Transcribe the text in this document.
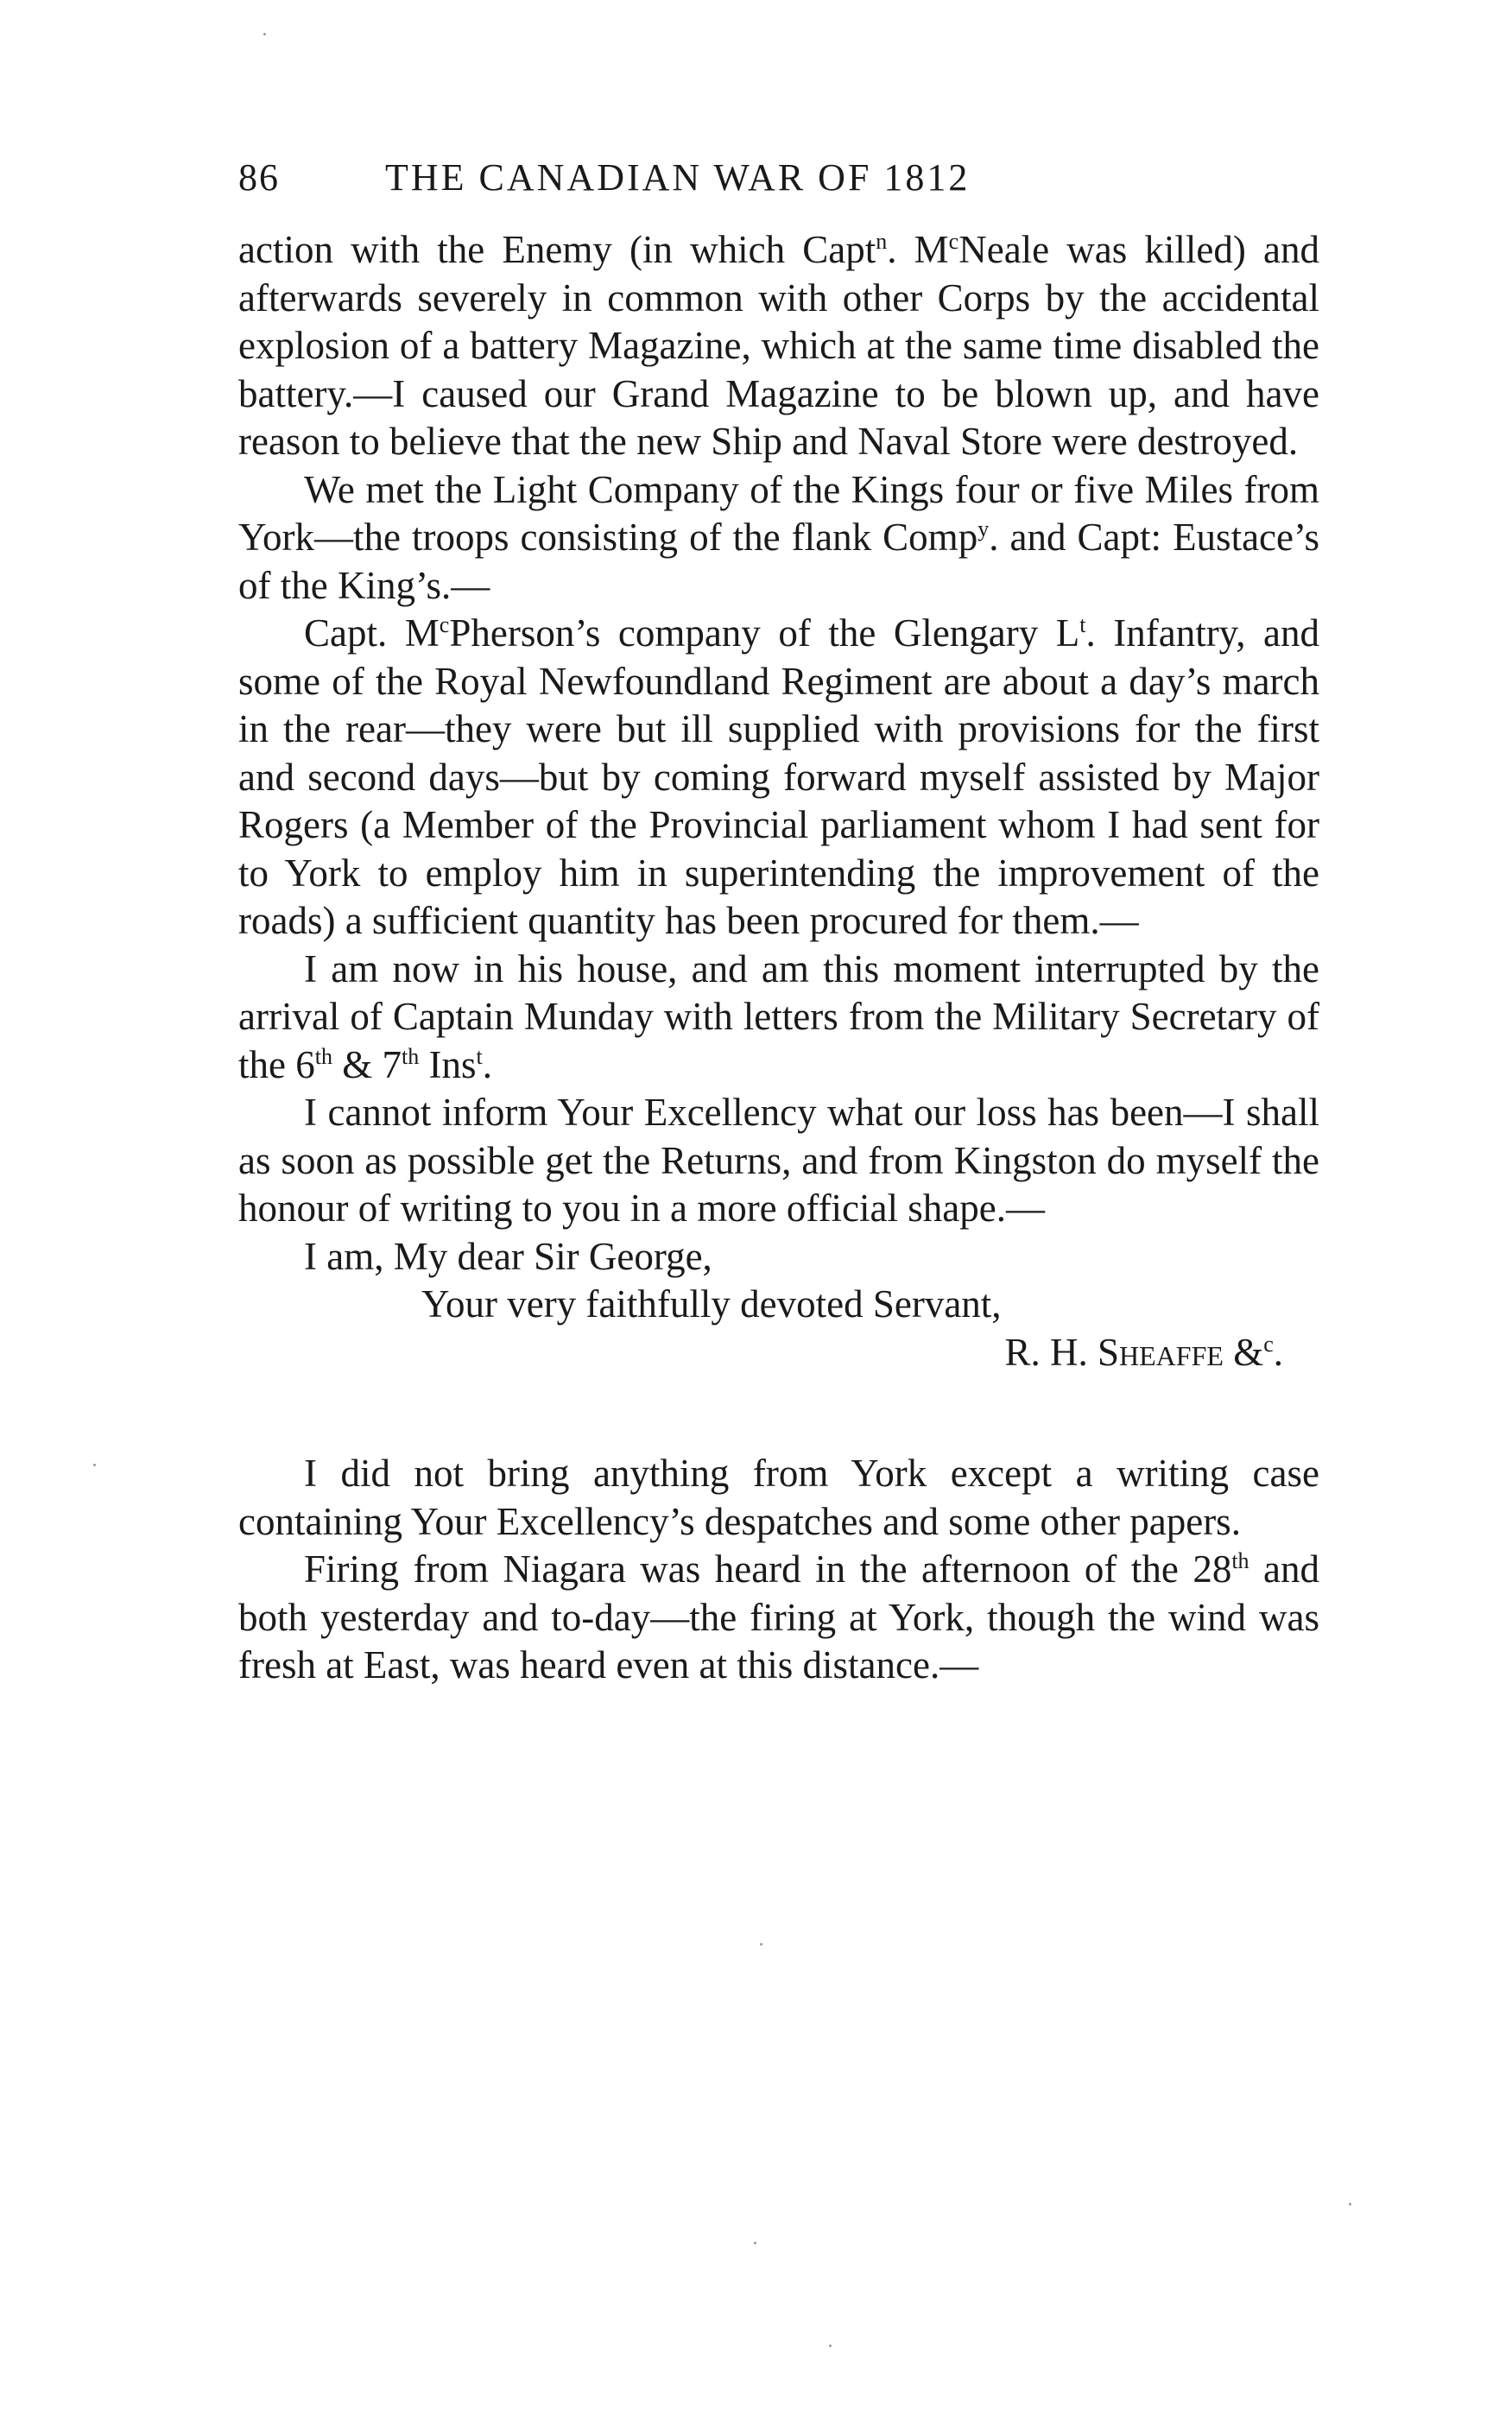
86	THE CANADIAN WAR OF 1812

action with the Enemy (in which Capt$^n$. $M^cNeale$ was killed) and afterwards severely in common with other Corps by the accidental explosion of a battery Magazine, which at the same time disabled the battery.—I caused our Grand Magazine to be blown up, and have reason to believe that the new Ship and Naval Store were destroyed.

We met the Light Company of the Kings four or five Miles from York—the troops consisting of the flank Comp$^y$. and Capt: Eustace’s of the King’s.—

Capt. $M^cPherson’s$ company of the Glengary $L^t$. Infantry, and some of the Royal Newfoundland Regiment are about a day’s march in the rear—they were but ill supplied with provisions for the first and second days—but by coming forward myself assisted by Major Rogers (a Member of the Provincial parliament whom I had sent for to York to employ him in superintending the improvement of the roads) a sufficient quantity has been procured for them.—

I am now in his house, and am this moment interrupted by the arrival of Captain Munday with letters from the Military Secretary of the 6th & 7th Ins$^t$.

I cannot inform Your Excellency what our loss has been—I shall as soon as possible get the Returns, and from Kingston do myself the honour of writing to you in a more official shape.—

I am, My dear Sir George,

Your very faithfully devoted Servant,

R. H. Sheaffe &$^c$.

I did not bring anything from York except a writing case containing Your Excellency’s despatches and some other papers.

Firing from Niagara was heard in the afternoon of the 28th and both yesterday and to-day—the firing at York, though the wind was fresh at East, was heard even at this distance.—
